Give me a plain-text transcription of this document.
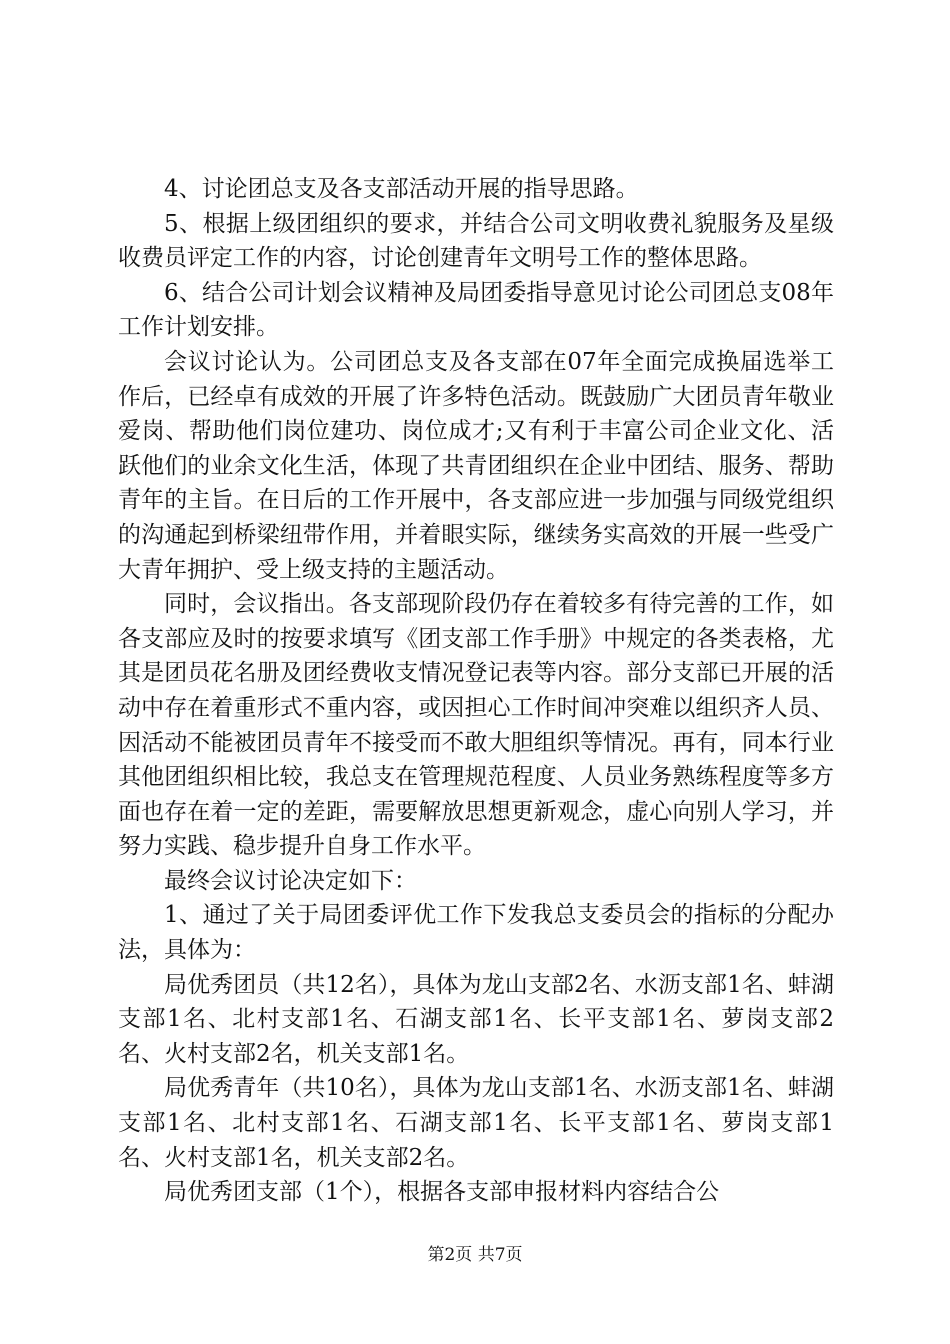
4、讨论团总支及各支部活动开展的指导思路。

5、根据上级团组织的要求，并结合公司文明收费礼貌服务及星级收费员评定工作的内容，讨论创建青年文明号工作的整体思路。

6、结合公司计划会议精神及局团委指导意见讨论公司团总支08年工作计划安排。

会议讨论认为。公司团总支及各支部在07年全面完成换届选举工作后，已经卓有成效的开展了许多特色活动。既鼓励广大团员青年敬业爱岗、帮助他们岗位建功、岗位成才;又有利于丰富公司企业文化、活跃他们的业余文化生活，体现了共青团组织在企业中团结、服务、帮助青年的主旨。在日后的工作开展中，各支部应进一步加强与同级党组织的沟通起到桥梁纽带作用，并着眼实际，继续务实高效的开展一些受广大青年拥护、受上级支持的主题活动。

同时，会议指出。各支部现阶段仍存在着较多有待完善的工作，如各支部应及时的按要求填写《团支部工作手册》中规定的各类表格，尤其是团员花名册及团经费收支情况登记表等内容。部分支部已开展的活动中存在着重形式不重内容，或因担心工作时间冲突难以组织齐人员、因活动不能被团员青年不接受而不敢大胆组织等情况。再有，同本行业其他团组织相比较，我总支在管理规范程度、人员业务熟练程度等多方面也存在着一定的差距，需要解放思想更新观念，虚心向别人学习，并努力实践、稳步提升自身工作水平。

最终会议讨论决定如下：

1、通过了关于局团委评优工作下发我总支委员会的指标的分配办法，具体为：

局优秀团员（共12名），具体为龙山支部2名、水沥支部1名、蚌湖支部1名、北村支部1名、石湖支部1名、长平支部1名、萝岗支部2名、火村支部2名，机关支部1名。

局优秀青年（共10名），具体为龙山支部1名、水沥支部1名、蚌湖支部1名、北村支部1名、石湖支部1名、长平支部1名、萝岗支部1名、火村支部1名，机关支部2名。

局优秀团支部（1个），根据各支部申报材料内容结合公

第2页 共7页
